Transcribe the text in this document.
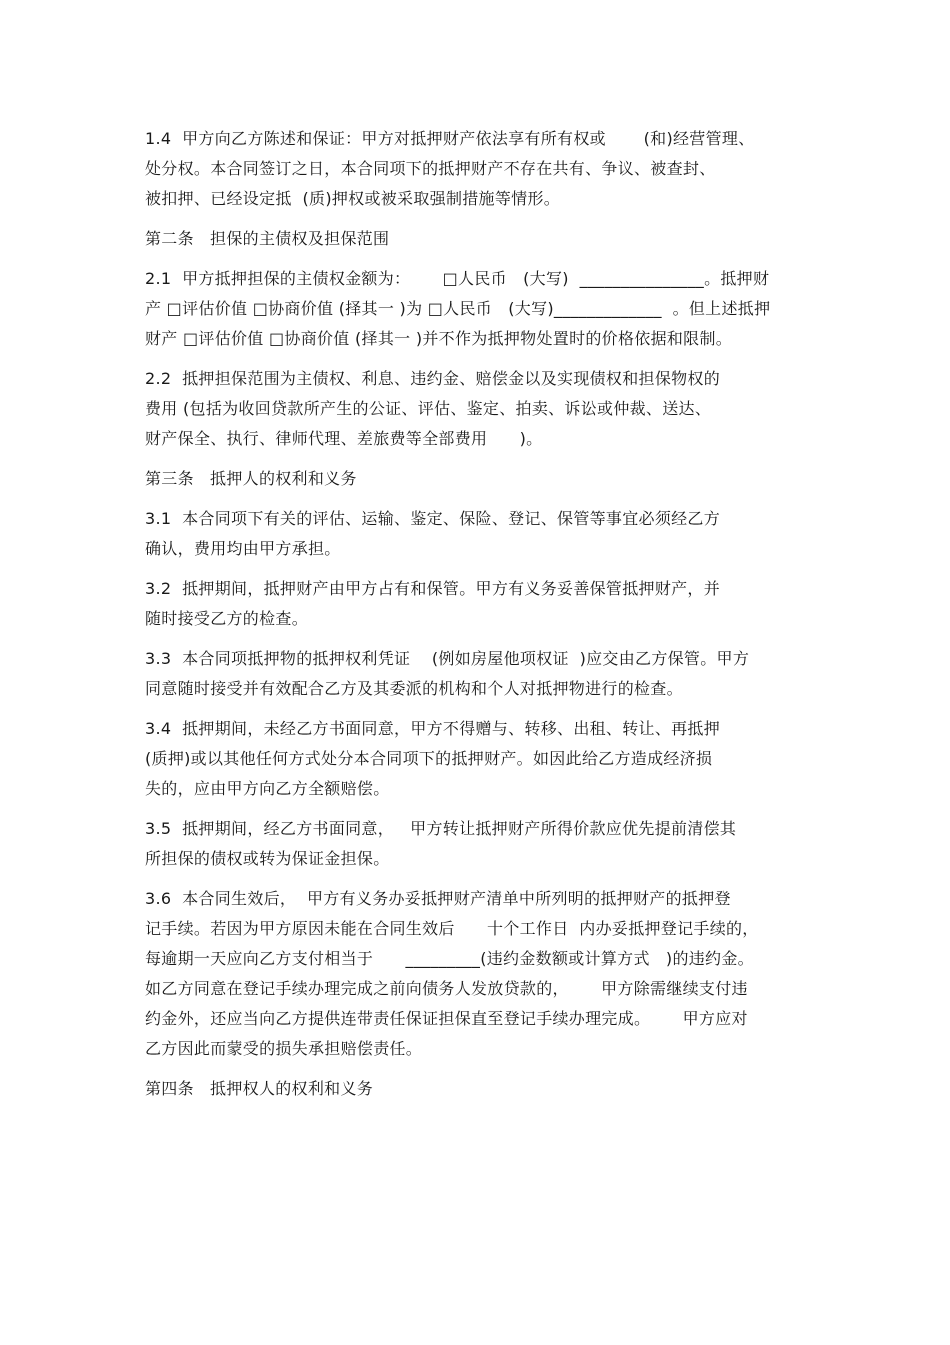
1.4  甲方向乙方陈述和保证：甲方对抵押财产依法享有所有权或       (和)经营管理、
处分权。本合同签订之日，本合同项下的抵押财产不存在共有、争议、被查封、
被扣押、已经设定抵  (质)押权或被采取强制措施等情形。
第二条   担保的主债权及担保范围
2.1  甲方抵押担保的主债权金额为：      □人民币   (大写)  _______________。抵押财
产 □评估价值 □协商价值 (择其一 )为 □人民币   (大写)_____________  。但上述抵押
财产 □评估价值 □协商价值 (择其一 )并不作为抵押物处置时的价格依据和限制。
2.2  抵押担保范围为主债权、利息、违约金、赔偿金以及实现债权和担保物权的
费用 (包括为收回贷款所产生的公证、评估、鉴定、拍卖、诉讼或仲裁、送达、
财产保全、执行、律师代理、差旅费等全部费用      )。
第三条   抵押人的权利和义务
3.1  本合同项下有关的评估、运输、鉴定、保险、登记、保管等事宜必须经乙方
确认，费用均由甲方承担。
3.2  抵押期间，抵押财产由甲方占有和保管。甲方有义务妥善保管抵押财产，并
随时接受乙方的检查。
3.3  本合同项抵押物的抵押权利凭证    (例如房屋他项权证  )应交由乙方保管。甲方
同意随时接受并有效配合乙方及其委派的机构和个人对抵押物进行的检查。
3.4  抵押期间，未经乙方书面同意，甲方不得赠与、转移、出租、转让、再抵押
(质押)或以其他任何方式处分本合同项下的抵押财产。如因此给乙方造成经济损
失的，应由甲方向乙方全额赔偿。
3.5  抵押期间，经乙方书面同意，   甲方转让抵押财产所得价款应优先提前清偿其
所担保的债权或转为保证金担保。
3.6  本合同生效后，  甲方有义务办妥抵押财产清单中所列明的抵押财产的抵押登
记手续。若因为甲方原因未能在合同生效后      十个工作日  内办妥抵押登记手续的，
每逾期一天应向乙方支付相当于      _________(违约金数额或计算方式   )的违约金。
如乙方同意在登记手续办理完成之前向债务人发放贷款的，      甲方除需继续支付违
约金外，还应当向乙方提供连带责任保证担保直至登记手续办理完成。      甲方应对
乙方因此而蒙受的损失承担赔偿责任。
第四条   抵押权人的权利和义务
